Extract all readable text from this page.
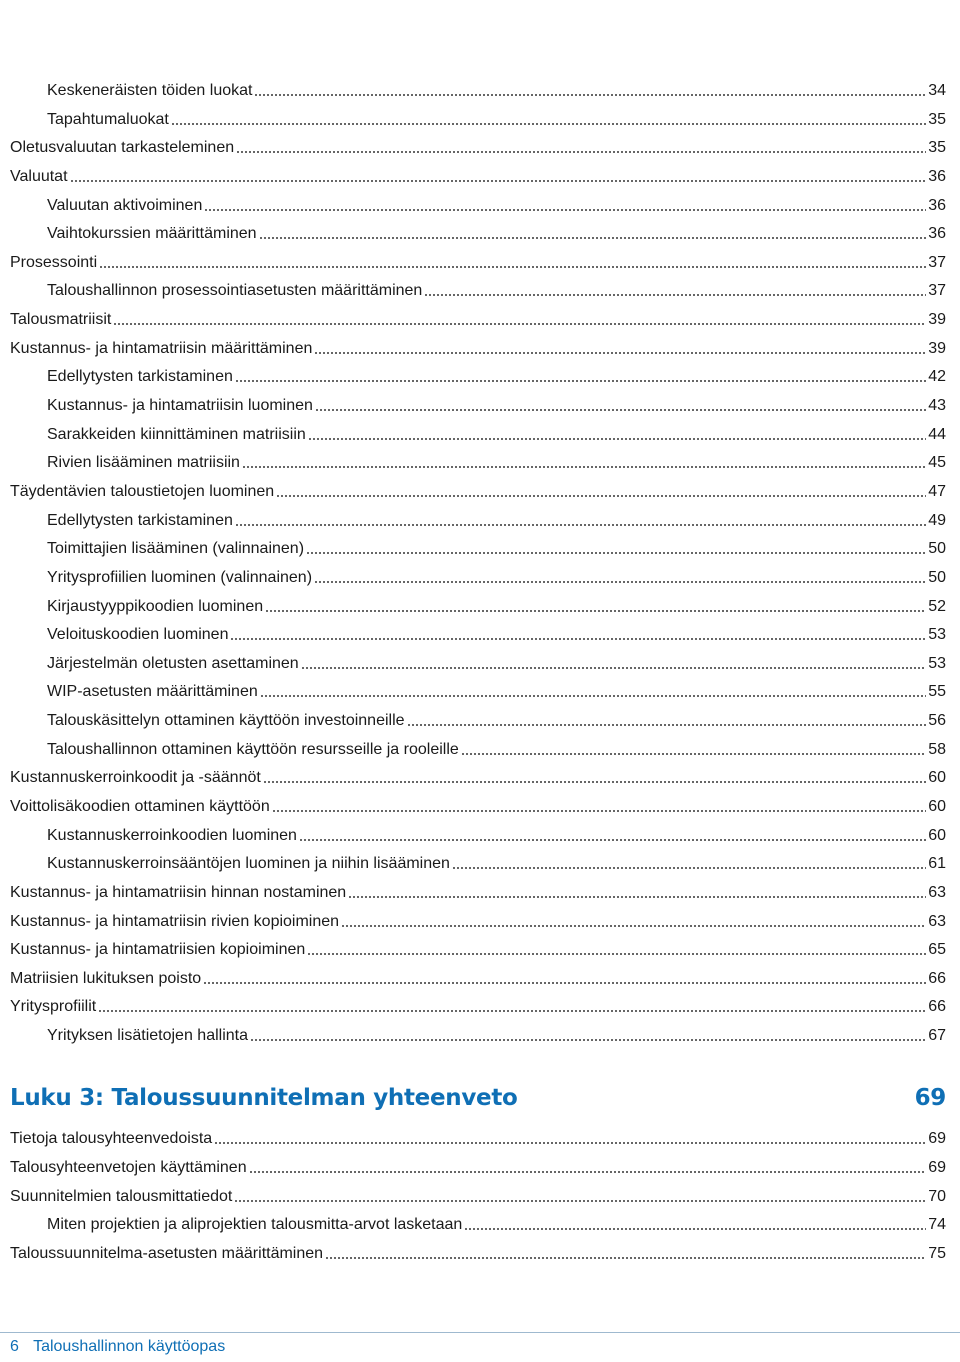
Keskeneräisten töiden luokat	34
Tapahtumaluokat	35
Oletusvaluutan tarkasteleminen	35
Valuutat	36
Valuutan aktivoiminen	36
Vaihtokurssien määrittäminen	36
Prosessointi	37
Taloushallinnon prosessointiasetusten määrittäminen	37
Talousmatriisit	39
Kustannus- ja hintamatriisin määrittäminen	39
Edellytysten tarkistaminen	42
Kustannus- ja hintamatriisin luominen	43
Sarakkeiden kiinnittäminen matriisiin	44
Rivien lisääminen matriisiin	45
Täydentävien taloustietojen luominen	47
Edellytysten tarkistaminen	49
Toimittajien lisääminen (valinnainen)	50
Yritysprofiilien luominen (valinnainen)	50
Kirjaustyyppikoodien luominen	52
Veloituskoodien luominen	53
Järjestelmän oletusten asettaminen	53
WIP-asetusten määrittäminen	55
Talouskäsittelyn ottaminen käyttöön investoinneille	56
Taloushallinnon ottaminen käyttöön resursseille ja rooleille	58
Kustannuskerroinkoodit ja -säännöt	60
Voittolisäkoodien ottaminen käyttöön	60
Kustannuskerroinkoodien luominen	60
Kustannuskerroinsääntöjen luominen ja niihin lisääminen	61
Kustannus- ja hintamatriisin hinnan nostaminen	63
Kustannus- ja hintamatriisin rivien kopioiminen	63
Kustannus- ja hintamatriisien kopioiminen	65
Matriisien lukituksen poisto	66
Yritysprofiilit	66
Yrityksen lisätietojen hallinta	67
Luku 3: Taloussuunnitelman yhteenveto	69
Tietoja talousyhteenvedoista	69
Talousyhteenvetojen käyttäminen	69
Suunnitelmien talousmittatiedot	70
Miten projektien ja aliprojektien talousmitta-arvot lasketaan	74
Taloussuunnitelma-asetusten määrittäminen	75
6 Taloushallinnon käyttöopas
